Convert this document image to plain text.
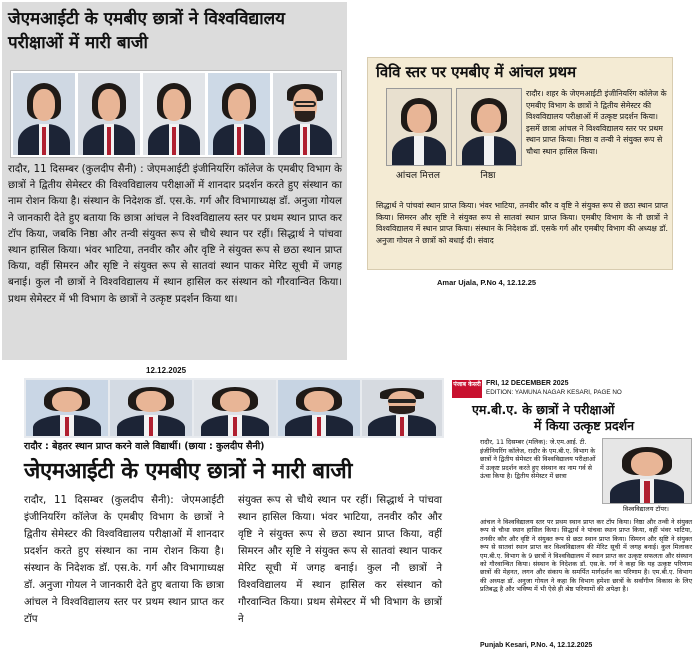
जेएमआईटी के एमबीए छात्रों ने विश्वविद्यालय
परीक्षाओं में मारी बाजी
रादौर, 11 दिसम्बर (कुलदीप सैनी) : जेएमआईटी इंजीनियरिंग कॉलेज के एमबीए विभाग के छात्रों ने द्वितीय सेमेस्टर की विश्वविद्यालय परीक्षाओं में शानदार प्रदर्शन करते हुए संस्थान का नाम रोशन किया है। संस्थान के निदेशक डॉ. एस.के. गर्ग और विभागाध्यक्ष डॉ. अनुजा गोयल ने जानकारी देते हुए बताया कि छात्रा आंचल ने विश्वविद्यालय स्तर पर प्रथम स्थान प्राप्त कर टॉप किया, जबकि निष्ठा और तन्वी संयुक्त रूप से चौथे स्थान पर रहीं। सिद्धार्थ ने पांचवा स्थान हासिल किया। भंवर भाटिया, तनवीर कौर और वृष्टि ने संयुक्त रूप से छठा स्थान प्राप्त किया, वहीं सिमरन और सृष्टि ने संयुक्त रूप से सातवां स्थान पाकर मेरिट सूची में जगह बनाई। कुल नौ छात्रों ने विश्वविद्यालय में स्थान हासिल कर संस्थान को गौरवान्वित किया। प्रथम सेमेस्टर में भी विभाग के छात्रों ने उत्कृष्ट प्रदर्शन किया था।
12.12.2025
विवि स्तर पर एमबीए में आंचल प्रथम
आंचल मित्तल	निष्ठा
रादौर। शहर के जेएमआईटी इंजीनियरिंग कॉलेज के एमबीए विभाग के छात्रों ने द्वितीय सेमेस्टर की विश्वविद्यालय परीक्षाओं में उत्कृष्ट प्रदर्शन किया। इसमें छात्रा आंचल ने विश्वविद्यालय स्तर पर प्रथम स्थान प्राप्त किया। निष्ठा व तन्वी ने संयुक्त रूप से चौथा स्थान हासिल किया।
सिद्धार्थ ने पांचवां स्थान प्राप्त किया। भंवर भाटिया, तनवीर कौर व वृष्टि ने संयुक्त रूप से छठा स्थान प्राप्त किया। सिमरन और सृष्टि ने संयुक्त रूप से सातवां स्थान प्राप्त किया। एमबीए विभाग के नौ छात्रों ने विश्वविद्यालय में स्थान प्राप्त किया। संस्थान के निदेशक डॉ. एसके गर्ग और एमबीए विभाग की अध्यक्ष डॉ. अनुजा गोयल ने छात्रों को बधाई दी। संवाद
Amar Ujala, P.No 4, 12.12.25
रादौर : बेहतर स्थान प्राप्त करने वाले विद्यार्थी। (छाया : कुलदीप सैनी)
जेएमआईटी के एमबीए छात्रों ने मारी बाजी
रादौर, 11 दिसम्बर (कुलदीप सैनी): जेएमआईटी इंजीनियरिंग कॉलेज के एमबीए विभाग के छात्रों ने द्वितीय सेमेस्टर की विश्वविद्यालय परीक्षाओं में शानदार प्रदर्शन करते हुए संस्थान का नाम रोशन किया है। संस्थान के निदेशक डॉ. एस.के. गर्ग और विभागाध्यक्ष डॉ. अनुजा गोयल ने जानकारी देते हुए बताया कि छात्रा आंचल ने विश्वविद्यालय स्तर पर प्रथम स्थान प्राप्त कर टॉप
संयुक्त रूप से चौथे स्थान पर रहीं। सिद्धार्थ ने पांचवा स्थान हासिल किया। भंवर भाटिया, तनवीर कौर और वृष्टि ने संयुक्त रूप से छठा स्थान प्राप्त किया, वहीं सिमरन और सृष्टि ने संयुक्त रूप से सातवां स्थान पाकर मेरिट सूची में जगह बनाई। कुल नौ छात्रों ने विश्वविद्यालय में स्थान हासिल कर संस्थान को गौरवान्वित किया। प्रथम सेमेस्टर में भी विभाग के छात्रों ने
पंजाब केसरी FRI, 12 DECEMBER 2025
EDITION: YAMUNA NAGAR KESARI, PAGE NO
एम.बी.ए. के छात्रों ने परीक्षाओं
में किया उत्कृष्ट प्रदर्शन
रादौर, 11 दिसम्बर (मलिक): जे.एम.आई. टी. इंजीनियरिंग कॉलेज, रादौर के एम.बी.ए. विभाग के छात्रों ने द्वितीय सेमेस्टर की विश्वविद्यालय परीक्षाओं में उत्कृष्ट प्रदर्शन करते हुए संस्थान का नाम गर्व से ऊंचा किया है। द्वितीय सेमेस्टर में छात्रा
विश्वविद्यालय टॉपर।
आंचल ने विश्वविद्यालय स्तर पर प्रथम स्थान प्राप्त कर टॉप किया। निष्ठा और तन्वी ने संयुक्त रूप से चौथा स्थान हासिल किया। सिद्धार्थ ने पांचवा स्थान प्राप्त किया, वहीं भंवर भाटिया, तनवीर कौर और वृष्टि ने संयुक्त रूप से छठा स्थान प्राप्त किया। सिमरन और सृष्टि ने संयुक्त रूप से सातवां स्थान प्राप्त कर विश्वविद्यालय की मेरिट सूची में जगह बनाई। कुल मिलाकर एम.बी.ए. विभाग के 9 छात्रों ने विश्वविद्यालय में स्थान प्राप्त कर उत्कृष्ट सफलता और संस्थान को गौरवान्वित किया। संस्थान के निदेशक डॉ. एस.के. गर्ग ने कहा कि यह उत्कृष्ट परिणाम छात्रों की मेहनत, लगन और संकाय के समर्पित मार्गदर्शन का परिणाम है। एम.बी.ए. विभाग की अध्यक्ष डॉ. अनुजा गोयल ने कहा कि विभाग हमेशा छात्रों के सर्वांगीण विकास के लिए प्रतिबद्ध है और भविष्य में भी ऐसे ही श्रेष्ठ परिणामों की अपेक्षा है।
Punjab Kesari, P.No. 4, 12.12.2025
